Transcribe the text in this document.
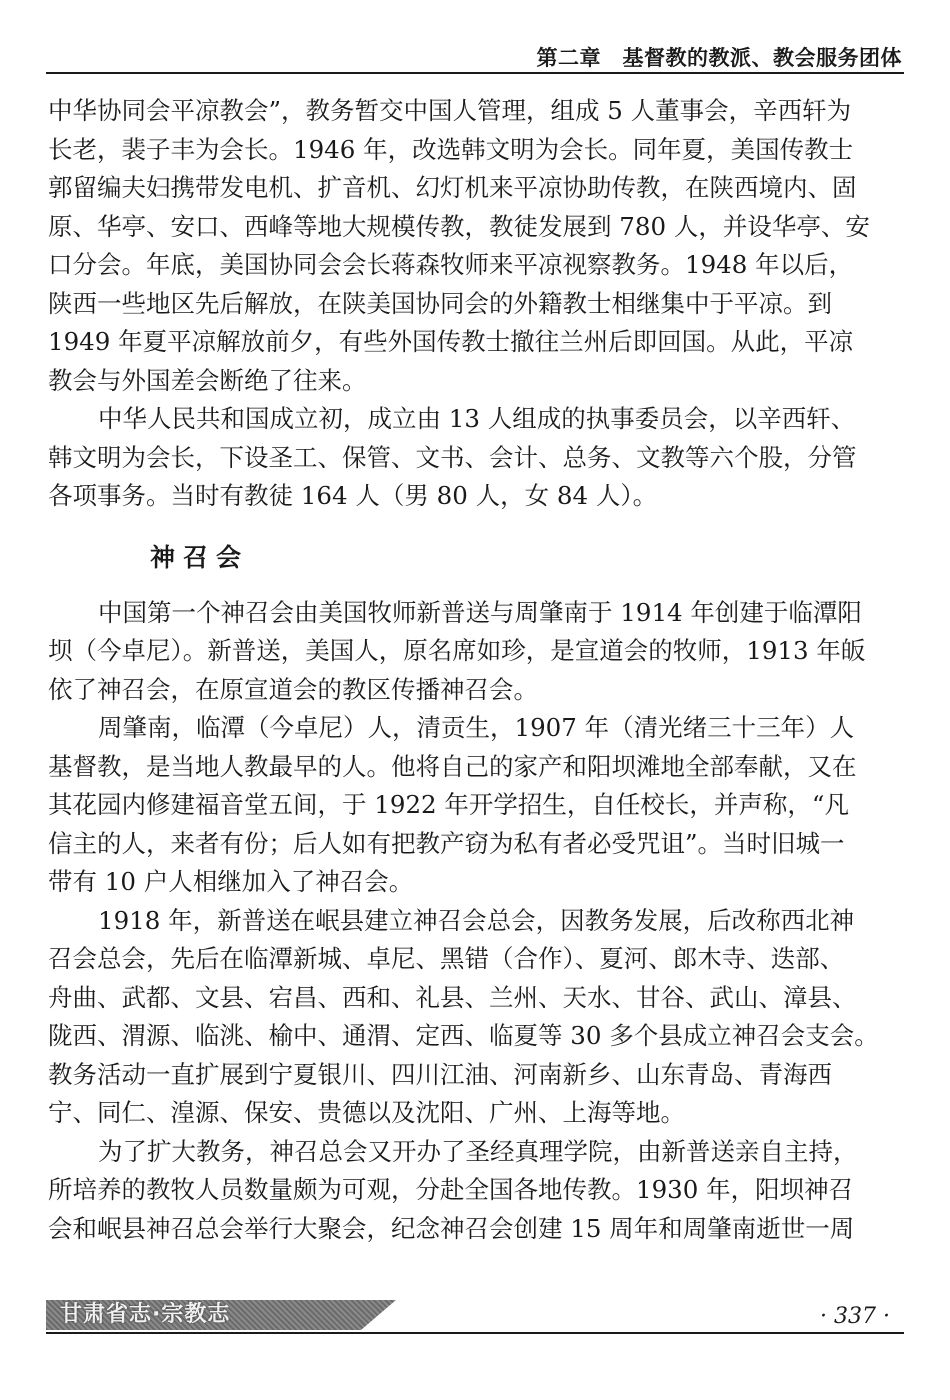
第二章　基督教的教派、教会服务团体
中华协同会平凉教会”，教务暂交中国人管理，组成 5 人董事会，辛西轩为
长老，裴子丰为会长。1946 年，改选韩文明为会长。同年夏，美国传教士
郭留编夫妇携带发电机、扩音机、幻灯机来平凉协助传教，在陕西境内、固
原、华亭、安口、西峰等地大规模传教，教徒发展到 780 人，并设华亭、安
口分会。年底，美国协同会会长蒋森牧师来平凉视察教务。1948 年以后，
陕西一些地区先后解放，在陕美国协同会的外籍教士相继集中于平凉。到
1949 年夏平凉解放前夕，有些外国传教士撤往兰州后即回国。从此，平凉
教会与外国差会断绝了往来。
中华人民共和国成立初，成立由 13 人组成的执事委员会，以辛西轩、
韩文明为会长，下设圣工、保管、文书、会计、总务、文教等六个股，分管
各项事务。当时有教徒 164 人（男 80 人，女 84 人）。
神召会
中国第一个神召会由美国牧师新普送与周肇南于 1914 年创建于临潭阳
坝（今卓尼）。新普送，美国人，原名席如珍，是宣道会的牧师，1913 年皈
依了神召会，在原宣道会的教区传播神召会。
周肇南，临潭（今卓尼）人，清贡生，1907 年（清光绪三十三年）人
基督教，是当地人教最早的人。他将自己的家产和阳坝滩地全部奉献，又在
其花园内修建福音堂五间，于 1922 年开学招生，自任校长，并声称，“凡
信主的人，来者有份；后人如有把教产窃为私有者必受咒诅”。当时旧城一
带有 10 户人相继加入了神召会。
1918 年，新普送在岷县建立神召会总会，因教务发展，后改称西北神
召会总会，先后在临潭新城、卓尼、黑错（合作）、夏河、郎木寺、迭部、
舟曲、武都、文县、宕昌、西和、礼县、兰州、天水、甘谷、武山、漳县、
陇西、渭源、临洮、榆中、通渭、定西、临夏等 30 多个县成立神召会支会。
教务活动一直扩展到宁夏银川、四川江油、河南新乡、山东青岛、青海西
宁、同仁、湟源、保安、贵德以及沈阳、广州、上海等地。
为了扩大教务，神召总会又开办了圣经真理学院，由新普送亲自主持，
所培养的教牧人员数量颇为可观，分赴全国各地传教。1930 年，阳坝神召
会和岷县神召总会举行大聚会，纪念神召会创建 15 周年和周肇南逝世一周
甘肃省志·宗教志	· 337 ·
